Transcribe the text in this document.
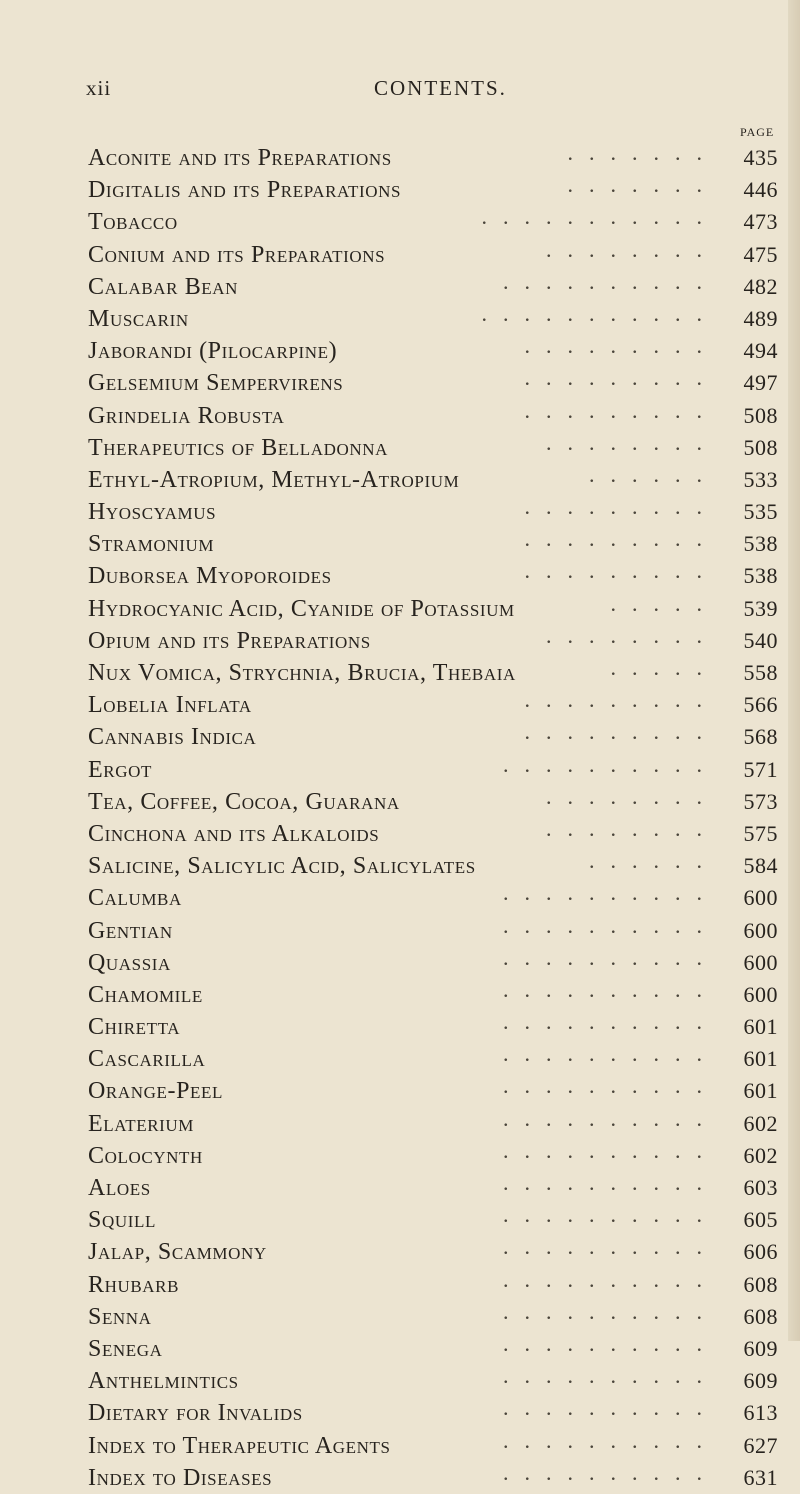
xii	CONTENTS.
PAGE
Aconite and its Preparations	....... 435
Digitalis and its Preparations	....... 446
Tobacco	........... 473
Conium and its Preparations	........ 475
Calabar Bean	.......... 482
Muscarin	........... 489
Jaborandi (Pilocarpine)	......... 494
Gelsemium Sempervirens	......... 497
Grindelia Robusta	......... 508
Therapeutics of Belladonna	........ 508
Ethyl-Atropium, Methyl-Atropium	...... 533
Hyoscyamus	......... 535
Stramonium	......... 538
Duborsea Myoporoides	......... 538
Hydrocyanic Acid, Cyanide of Potassium	..... 539
Opium and its Preparations	........ 540
Nux Vomica, Strychnia, Brucia, Thebaia	..... 558
Lobelia Inflata	......... 566
Cannabis Indica	......... 568
Ergot	.......... 571
Tea, Coffee, Cocoa, Guarana	........ 573
Cinchona and its Alkaloids	........ 575
Salicine, Salicylic Acid, Salicylates	...... 584
Calumba	.......... 600
Gentian	.......... 600
Quassia	.......... 600
Chamomile	.......... 600
Chiretta	.......... 601
Cascarilla	.......... 601
Orange-Peel	.......... 601
Elaterium	.......... 602
Colocynth	.......... 602
Aloes	.......... 603
Squill	.......... 605
Jalap, Scammony	.......... 606
Rhubarb	.......... 608
Senna	.......... 608
Senega	.......... 609
Anthelmintics	.......... 609
Dietary for Invalids	.......... 613
Index to Therapeutic Agents	.......... 627
Index to Diseases	.......... 631
